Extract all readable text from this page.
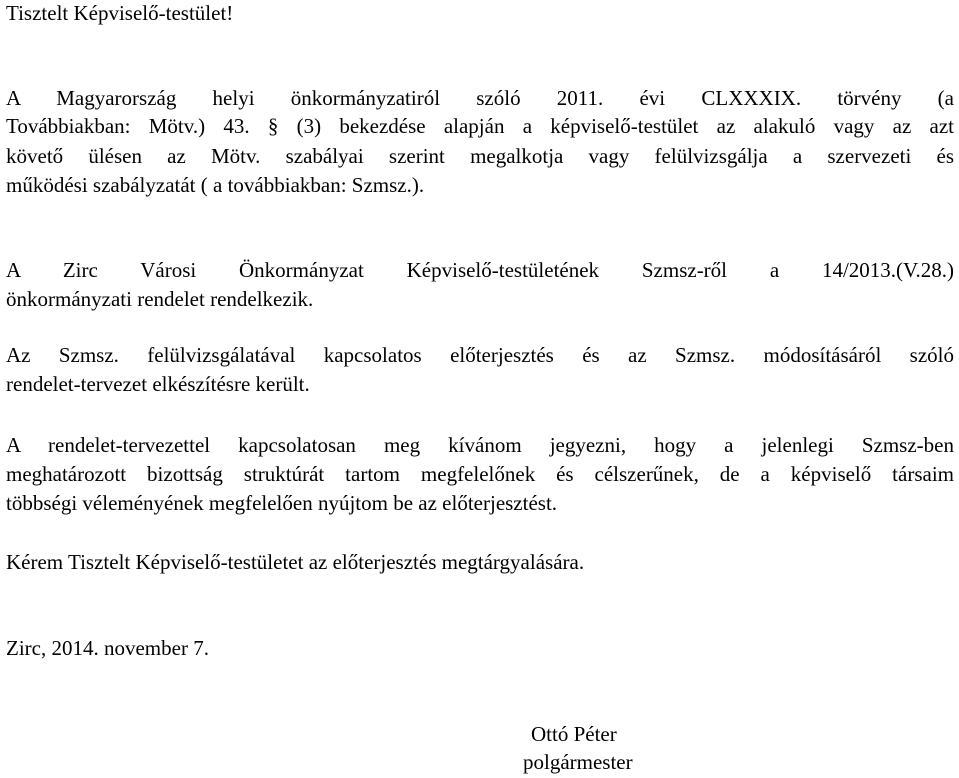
Tisztelt Képviselő-testület!
A Magyarország helyi önkormányzatiról szóló 2011. évi CLXXXIX. törvény (a
Továbbiakban: Mötv.) 43. § (3) bekezdése alapján a képviselő-testület az alakuló vagy az azt
követő ülésen az Mötv. szabályai szerint megalkotja vagy felülvizsgálja a szervezeti és
működési szabályzatát ( a továbbiakban: Szmsz.).
A Zirc Városi Önkormányzat Képviselő-testületének Szmsz-ről a 14/2013.(V.28.)
önkormányzati rendelet rendelkezik.
Az Szmsz. felülvizsgálatával kapcsolatos előterjesztés és az Szmsz. módosításáról szóló
rendelet-tervezet elkészítésre került.
A rendelet-tervezettel kapcsolatosan meg kívánom jegyezni, hogy a jelenlegi Szmsz-ben
meghatározott bizottság struktúrát tartom megfelelőnek és célszerűnek, de a képviselő társaim
többségi véleményének megfelelően nyújtom be az előterjesztést.
Kérem Tisztelt Képviselő-testületet az előterjesztés megtárgyalására.
Zirc, 2014. november 7.
Ottó Péter
polgármester
